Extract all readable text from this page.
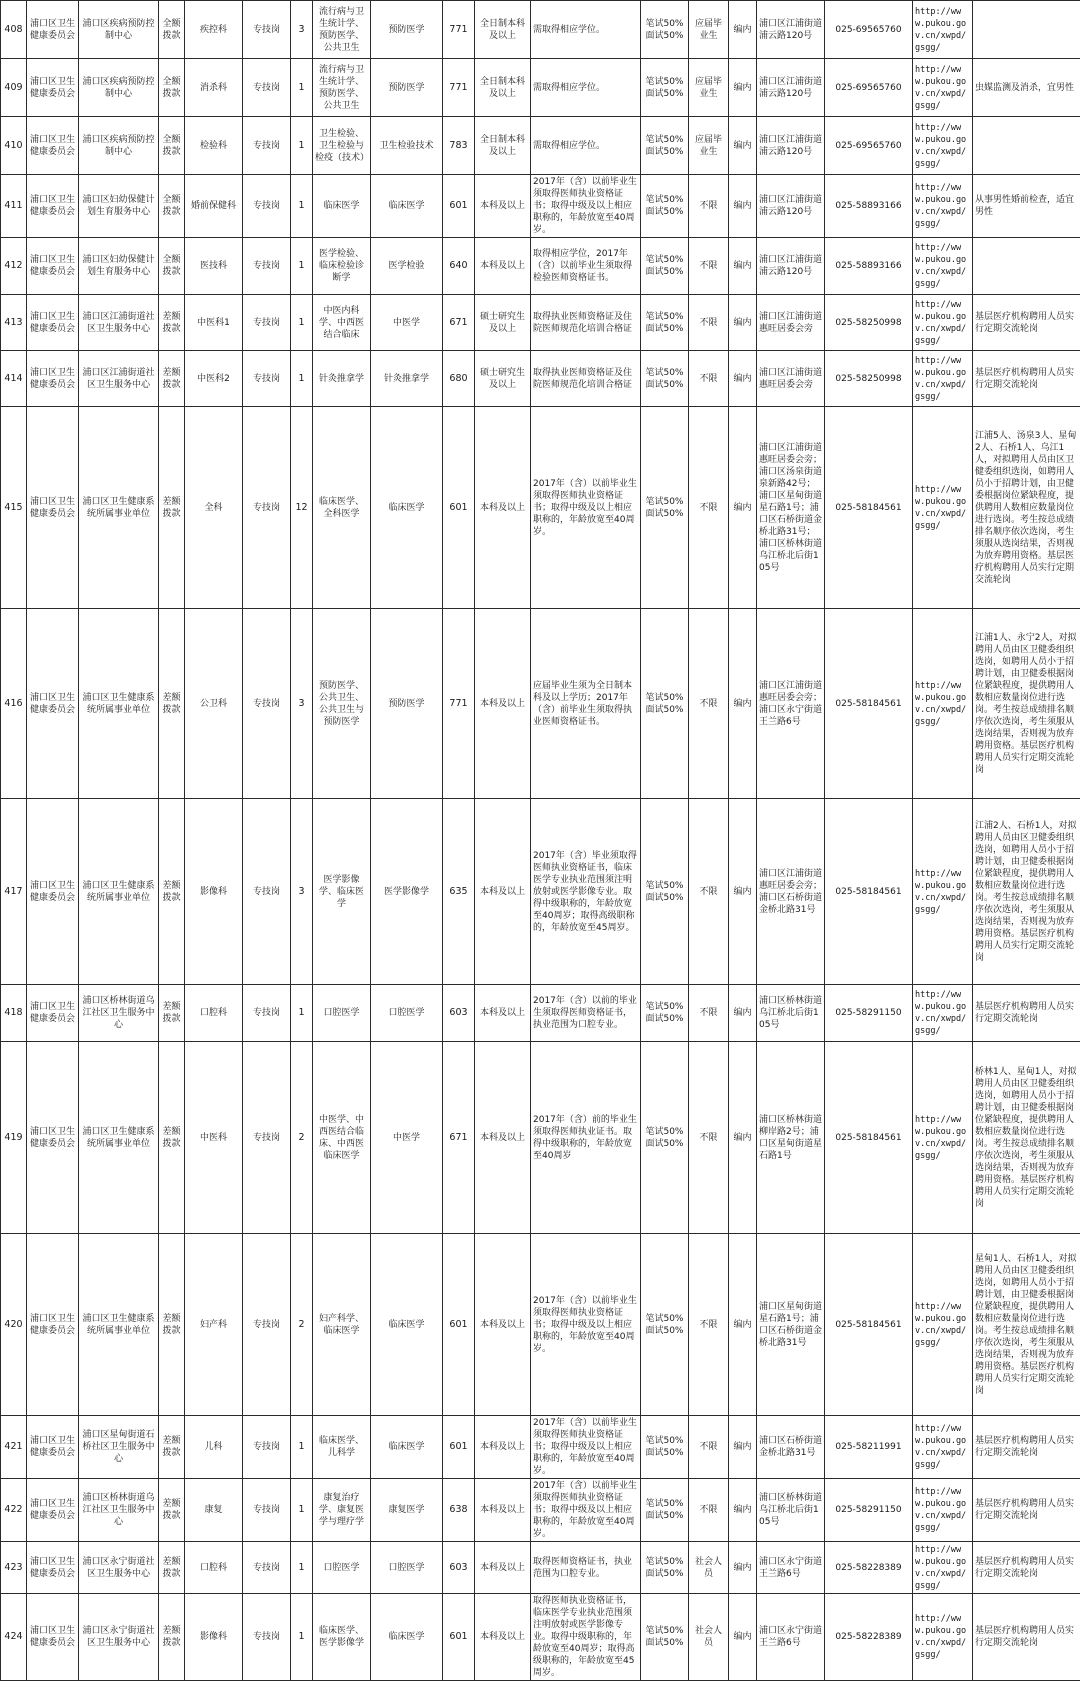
408	浦口区卫生健康委员会	浦口区疾病预防控制中心	全额拨款	疾控科	专技岗	3	流行病与卫生统计学、预防医学、公共卫生	预防医学	771	全日制本科及以上	需取得相应学位。	笔试50%面试50%	应届毕业生	编内	浦口区江浦街道浦云路120号	025-69565760	http://www.pukou.gov.cn/xwpd/gsgg/	
409	浦口区卫生健康委员会	浦口区疾病预防控制中心	全额拨款	消杀科	专技岗	1	流行病与卫生统计学、预防医学、公共卫生	预防医学	771	全日制本科及以上	需取得相应学位。	笔试50%面试50%	应届毕业生	编内	浦口区江浦街道浦云路120号	025-69565760	http://www.pukou.gov.cn/xwpd/gsgg/	虫媒监测及消杀，宜男性
410	浦口区卫生健康委员会	浦口区疾病预防控制中心	全额拨款	检验科	专技岗	1	卫生检验、卫生检验与检疫（技术）	卫生检验技术	783	全日制本科及以上	需取得相应学位。	笔试50%面试50%	应届毕业生	编内	浦口区江浦街道浦云路120号	025-69565760	http://www.pukou.gov.cn/xwpd/gsgg/	
411	浦口区卫生健康委员会	浦口区妇幼保健计划生育服务中心	全额拨款	婚前保健科	专技岗	1	临床医学	临床医学	601	本科及以上	2017年（含）以前毕业生须取得医师执业资格证书；取得中级及以上相应职称的，年龄放宽至40周岁。	笔试50%面试50%	不限	编内	浦口区江浦街道浦云路120号	025-58893166	http://www.pukou.gov.cn/xwpd/gsgg/	从事男性婚前检查，适宜男性
412	浦口区卫生健康委员会	浦口区妇幼保健计划生育服务中心	全额拨款	医技科	专技岗	1	医学检验、临床检验诊断学	医学检验	640	本科及以上	取得相应学位，2017年（含）以前毕业生须取得检验医师资格证书。	笔试50%面试50%	不限	编内	浦口区江浦街道浦云路120号	025-58893166	http://www.pukou.gov.cn/xwpd/gsgg/	
413	浦口区卫生健康委员会	浦口区江浦街道社区卫生服务中心	差额拨款	中医科1	专技岗	1	中医内科学、中西医结合临床	中医学	671	硕士研究生及以上	取得执业医师资格证及住院医师规范化培训合格证	笔试50%面试50%	不限	编内	浦口区江浦街道惠旺居委会旁	025-58250998	http://www.pukou.gov.cn/xwpd/gsgg/	基层医疗机构聘用人员实行定期交流轮岗
414	浦口区卫生健康委员会	浦口区江浦街道社区卫生服务中心	差额拨款	中医科2	专技岗	1	针灸推拿学	针灸推拿学	680	硕士研究生及以上	取得执业医师资格证及住院医师规范化培训合格证	笔试50%面试50%	不限	编内	浦口区江浦街道惠旺居委会旁	025-58250998	http://www.pukou.gov.cn/xwpd/gsgg/	基层医疗机构聘用人员实行定期交流轮岗
415	浦口区卫生健康委员会	浦口区卫生健康系统所属事业单位	差额拨款	全科	专技岗	12	临床医学、全科医学	临床医学	601	本科及以上	2017年（含）以前毕业生须取得医师执业资格证书；取得中级及以上相应职称的，年龄放宽至40周岁。	笔试50%面试50%	不限	编内	浦口区江浦街道惠旺居委会旁；浦口区汤泉街道泉新路42号；浦口区星甸街道星石路1号；浦口区石桥街道金桥北路31号；浦口区桥林街道乌江桥北后街105号	025-58184561	http://www.pukou.gov.cn/xwpd/gsgg/	江浦5人、汤泉3人、星甸2人、石桥1人、乌江1人，对拟聘用人员由区卫健委组织选岗，如聘用人员小于招聘计划，由卫健委根据岗位紧缺程度，提供聘用人数相应数量岗位进行选岗。考生按总成绩排名顺序依次选岗，考生须服从选岗结果，否则视为放弃聘用资格。基层医疗机构聘用人员实行定期交流轮岗
416	浦口区卫生健康委员会	浦口区卫生健康系统所属事业单位	差额拨款	公卫科	专技岗	3	预防医学、公共卫生、公共卫生与预防医学	预防医学	771	本科及以上	应届毕业生须为全日制本科及以上学历；2017年（含）前毕业生须取得执业医师资格证书。	笔试50%面试50%	不限	编内	浦口区江浦街道惠旺居委会旁；浦口区永宁街道王兰路6号	025-58184561	http://www.pukou.gov.cn/xwpd/gsgg/	江浦1人、永宁2人，对拟聘用人员由区卫健委组织选岗，如聘用人员小于招聘计划，由卫健委根据岗位紧缺程度，提供聘用人数相应数量岗位进行选岗。考生按总成绩排名顺序依次选岗，考生须服从选岗结果，否则视为放弃聘用资格。基层医疗机构聘用人员实行定期交流轮岗
417	浦口区卫生健康委员会	浦口区卫生健康系统所属事业单位	差额拨款	影像科	专技岗	3	医学影像学、临床医学	医学影像学	635	本科及以上	2017年（含）毕业须取得医师执业资格证书，临床医学专业执业范围须注明放射或医学影像专业。取得中级职称的，年龄放宽至40周岁；取得高级职称的，年龄放宽至45周岁。	笔试50%面试50%	不限	编内	浦口区江浦街道惠旺居委会旁；浦口区石桥街道金桥北路31号	025-58184561	http://www.pukou.gov.cn/xwpd/gsgg/	江浦2人、石桥1人，对拟聘用人员由区卫健委组织选岗，如聘用人员小于招聘计划，由卫健委根据岗位紧缺程度，提供聘用人数相应数量岗位进行选岗。考生按总成绩排名顺序依次选岗，考生须服从选岗结果，否则视为放弃聘用资格。基层医疗机构聘用人员实行定期交流轮岗
418	浦口区卫生健康委员会	浦口区桥林街道乌江社区卫生服务中心	差额拨款	口腔科	专技岗	1	口腔医学	口腔医学	603	本科及以上	2017年（含）以前的毕业生须取得医师资格证书，执业范围为口腔专业。	笔试50%面试50%	不限	编内	浦口区桥林街道乌江桥北后街105号	025-58291150	http://www.pukou.gov.cn/xwpd/gsgg/	基层医疗机构聘用人员实行定期交流轮岗
419	浦口区卫生健康委员会	浦口区卫生健康系统所属事业单位	差额拨款	中医科	专技岗	2	中医学、中西医结合临床、中西医临床医学	中医学	671	本科及以上	2017年（含）前的毕业生须取得医师执业证书。取得中级职称的，年龄放宽至40周岁	笔试50%面试50%	不限	编内	浦口区桥林街道柳岸路2号；浦口区星甸街道星石路1号	025-58184561	http://www.pukou.gov.cn/xwpd/gsgg/	桥林1人、星甸1人，对拟聘用人员由区卫健委组织选岗，如聘用人员小于招聘计划，由卫健委根据岗位紧缺程度，提供聘用人数相应数量岗位进行选岗。考生按总成绩排名顺序依次选岗，考生须服从选岗结果，否则视为放弃聘用资格。基层医疗机构聘用人员实行定期交流轮岗
420	浦口区卫生健康委员会	浦口区卫生健康系统所属事业单位	差额拨款	妇产科	专技岗	2	妇产科学、临床医学	临床医学	601	本科及以上	2017年（含）以前毕业生须取得医师执业资格证书；取得中级及以上相应职称的，年龄放宽至40周岁。	笔试50%面试50%	不限	编内	浦口区星甸街道星石路1号；浦口区石桥街道金桥北路31号	025-58184561	http://www.pukou.gov.cn/xwpd/gsgg/	星甸1人、石桥1人，对拟聘用人员由区卫健委组织选岗，如聘用人员小于招聘计划，由卫健委根据岗位紧缺程度，提供聘用人数相应数量岗位进行选岗。考生按总成绩排名顺序依次选岗，考生须服从选岗结果，否则视为放弃聘用资格。基层医疗机构聘用人员实行定期交流轮岗
421	浦口区卫生健康委员会	浦口区星甸街道石桥社区卫生服务中心	差额拨款	儿科	专技岗	1	临床医学、儿科学	临床医学	601	本科及以上	2017年（含）以前毕业生须取得医师执业资格证书；取得中级及以上相应职称的，年龄放宽至40周岁。	笔试50%面试50%	不限	编内	浦口区石桥街道金桥北路31号	025-58211991	http://www.pukou.gov.cn/xwpd/gsgg/	基层医疗机构聘用人员实行定期交流轮岗
422	浦口区卫生健康委员会	浦口区桥林街道乌江社区卫生服务中心	差额拨款	康复	专技岗	1	康复治疗学、康复医学与理疗学	康复医学	638	本科及以上	2017年（含）以前毕业生须取得医师执业资格证书；取得中级及以上相应职称的，年龄放宽至40周岁。	笔试50%面试50%	不限	编内	浦口区桥林街道乌江桥北后街105号	025-58291150	http://www.pukou.gov.cn/xwpd/gsgg/	基层医疗机构聘用人员实行定期交流轮岗
423	浦口区卫生健康委员会	浦口区永宁街道社区卫生服务中心	差额拨款	口腔科	专技岗	1	口腔医学	口腔医学	603	本科及以上	取得医师资格证书，执业范围为口腔专业。	笔试50%面试50%	社会人员	编内	浦口区永宁街道王兰路6号	025-58228389	http://www.pukou.gov.cn/xwpd/gsgg/	基层医疗机构聘用人员实行定期交流轮岗
424	浦口区卫生健康委员会	浦口区永宁街道社区卫生服务中心	差额拨款	影像科	专技岗	1	临床医学、医学影像学	临床医学	601	本科及以上	取得医师执业资格证书，临床医学专业执业范围须注明放射或医学影像专业。取得中级职称的，年龄放宽至40周岁；取得高级职称的，年龄放宽至45周岁。	笔试50%面试50%	社会人员	编内	浦口区永宁街道王兰路6号	025-58228389	http://www.pukou.gov.cn/xwpd/gsgg/	基层医疗机构聘用人员实行定期交流轮岗
